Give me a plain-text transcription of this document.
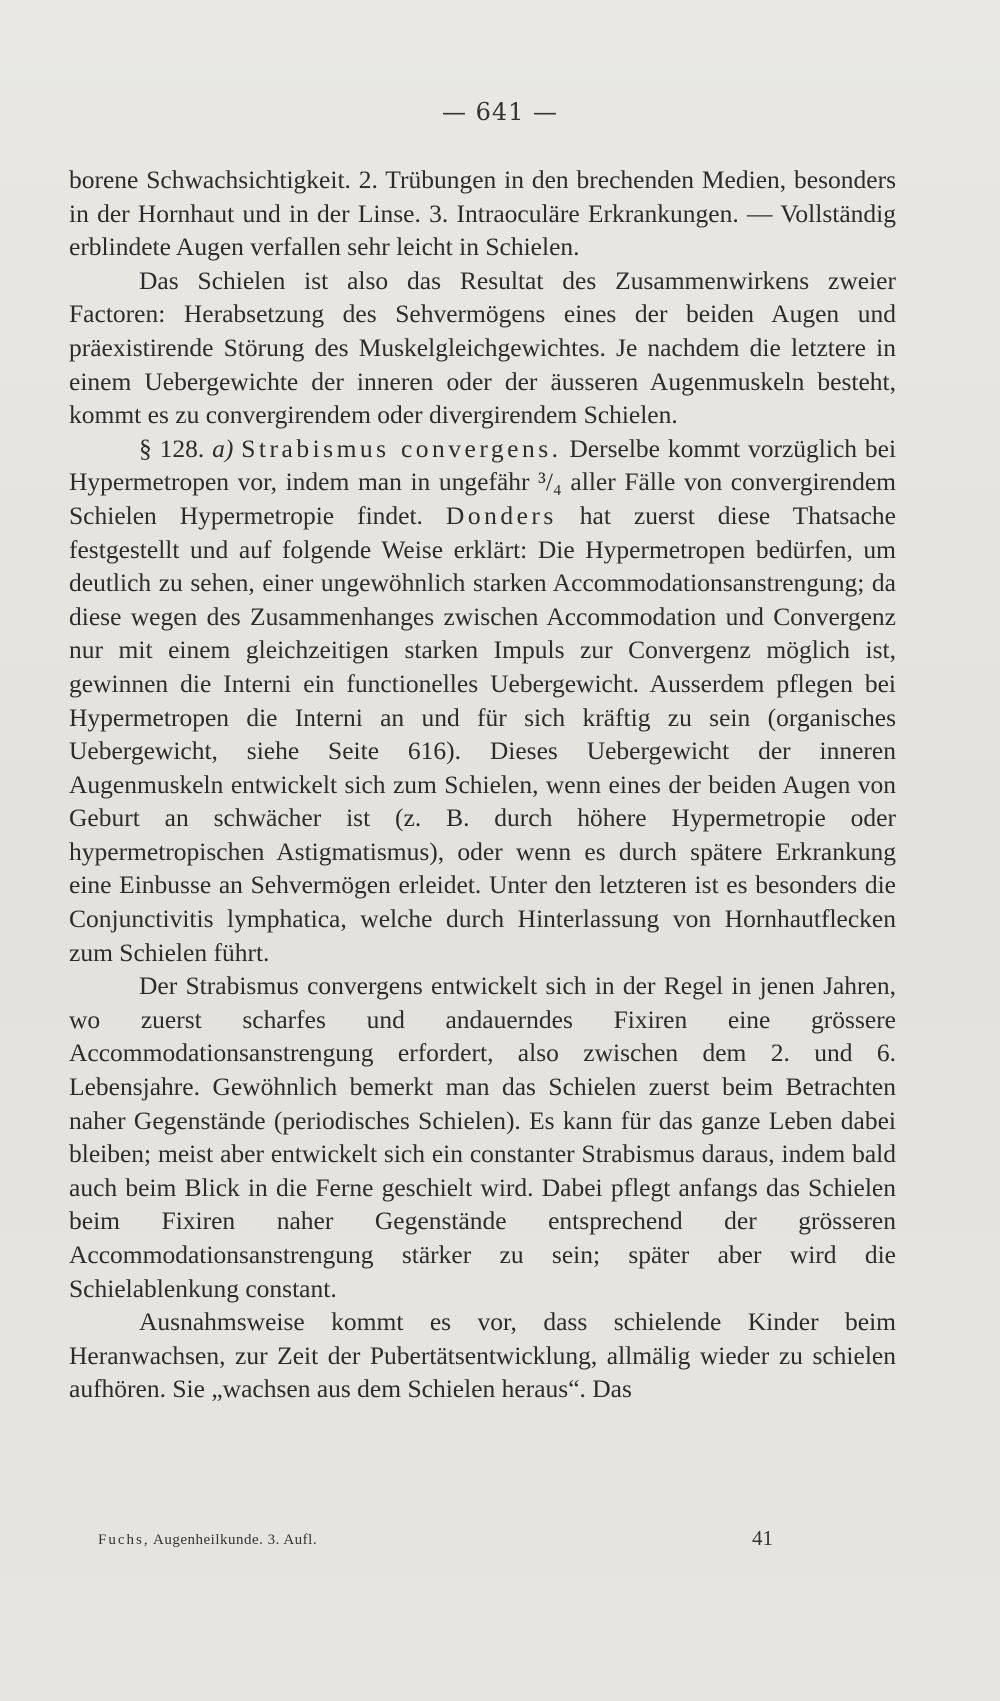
— 641 —

borene Schwachsichtigkeit. 2. Trübungen in den brechenden Medien, besonders in der Hornhaut und in der Linse. 3. Intraoculäre Erkrankungen. — Vollständig erblindete Augen verfallen sehr leicht in Schielen.

Das Schielen ist also das Resultat des Zusammenwirkens zweier Factoren: Herabsetzung des Sehvermögens eines der beiden Augen und präexistirende Störung des Muskelgleichgewichtes. Je nachdem die letztere in einem Uebergewichte der inneren oder der äusseren Augenmuskeln besteht, kommt es zu convergirendem oder divergirendem Schielen.

§ 128. a) Strabismus convergens. Derselbe kommt vorzüglich bei Hypermetropen vor, indem man in ungefähr ³/₄ aller Fälle von convergirendem Schielen Hypermetropie findet. Donders hat zuerst diese Thatsache festgestellt und auf folgende Weise erklärt: Die Hypermetropen bedürfen, um deutlich zu sehen, einer ungewöhnlich starken Accommodationsanstrengung; da diese wegen des Zusammenhanges zwischen Accommodation und Convergenz nur mit einem gleichzeitigen starken Impuls zur Convergenz möglich ist, gewinnen die Interni ein functionelles Uebergewicht. Ausserdem pflegen bei Hypermetropen die Interni an und für sich kräftig zu sein (organisches Uebergewicht, siehe Seite 616). Dieses Uebergewicht der inneren Augenmuskeln entwickelt sich zum Schielen, wenn eines der beiden Augen von Geburt an schwächer ist (z. B. durch höhere Hypermetropie oder hypermetropischen Astigmatismus), oder wenn es durch spätere Erkrankung eine Einbusse an Sehvermögen erleidet. Unter den letzteren ist es besonders die Conjunctivitis lymphatica, welche durch Hinterlassung von Hornhautflecken zum Schielen führt.

Der Strabismus convergens entwickelt sich in der Regel in jenen Jahren, wo zuerst scharfes und andauerndes Fixiren eine grössere Accommodationsanstrengung erfordert, also zwischen dem 2. und 6. Lebensjahre. Gewöhnlich bemerkt man das Schielen zuerst beim Betrachten naher Gegenstände (periodisches Schielen). Es kann für das ganze Leben dabei bleiben; meist aber entwickelt sich ein constanter Strabismus daraus, indem bald auch beim Blick in die Ferne geschielt wird. Dabei pflegt anfangs das Schielen beim Fixiren naher Gegenstände entsprechend der grösseren Accommodationsanstrengung stärker zu sein; später aber wird die Schielablenkung constant.

Ausnahmsweise kommt es vor, dass schielende Kinder beim Heranwachsen, zur Zeit der Pubertätsentwicklung, allmälig wieder zu schielen aufhören. Sie „wachsen aus dem Schielen heraus“. Das

Fuchs, Augenheilkunde. 3. Aufl.	41
